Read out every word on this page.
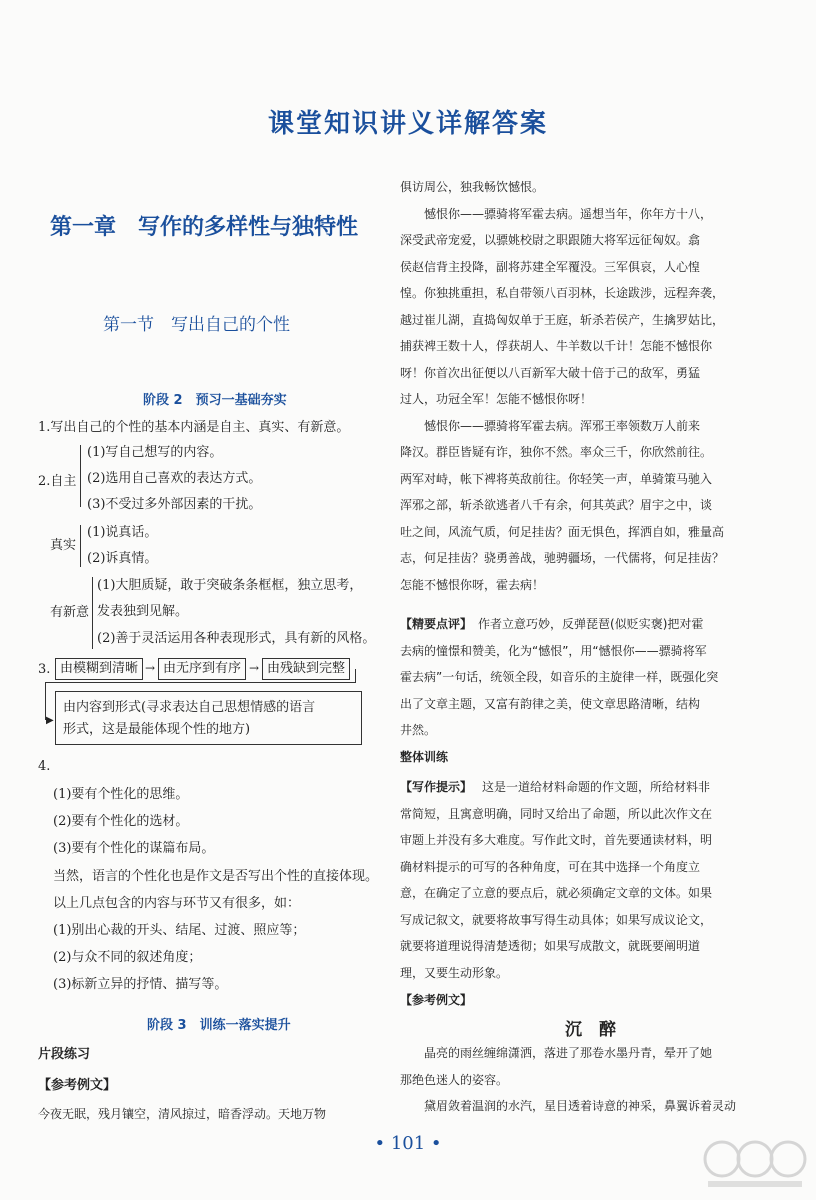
课堂知识讲义详解答案
第一章　写作的多样性与独特性
第一节　写出自己的个性
阶段 2　预习一基础夯实
1.写出自己的个性的基本内涵是自主、真实、有新意。
2.自主
(1)写自己想写的内容。
(2)选用自己喜欢的表达方式。
(3)不受过多外部因素的干扰。
真实
(1)说真话。
(2)诉真情。
有新意
(1)大胆质疑，敢于突破条条框框，独立思考，
发表独到见解。
(2)善于灵活运用各种表现形式，具有新的风格。
3. 由模糊到清晰	由无序到有序	由残缺到完整
→	→
▶
由内容到形式(寻求表达自己思想情感的语言
形式，这是最能体现个性的地方)
4.
(1)要有个性化的思维。
(2)要有个性化的选材。
(3)要有个性化的谋篇布局。
当然，语言的个性化也是作文是否写出个性的直接体现。
以上几点包含的内容与环节又有很多，如：
(1)别出心裁的开头、结尾、过渡、照应等；
(2)与众不同的叙述角度；
(3)标新立异的抒情、描写等。
阶段 3　训练一落实提升
片段练习
【参考例文】
今夜无眠，残月镶空，清风掠过，暗香浮动。天地万物
俱访周公，独我畅饮憾恨。
　　憾恨你——骠骑将军霍去病。遥想当年，你年方十八，
深受武帝宠爱，以骠姚校尉之职跟随大将军远征匈奴。翕
侯赵信背主投降，副将苏建全军覆没。三军俱哀，人心惶
惶。你独挑重担，私自带领八百羽林，长途跋涉，远程奔袭，
越过崔儿湖，直捣匈奴单于王庭，斩杀若侯产，生擒罗姑比，
捕获裨王数十人，俘获胡人、牛羊数以千计！怎能不憾恨你
呀！你首次出征便以八百新军大破十倍于己的敌军，勇猛
过人，功冠全军！怎能不憾恨你呀！
　　憾恨你——骠骑将军霍去病。浑邪王率领数万人前来
降汉。群臣皆疑有诈，独你不然。率众三千，你欣然前往。
两军对峙，帐下裨将英敌前往。你轻笑一声，单骑策马驰入
浑邪之部，斩杀欲逃者八千有余，何其英武？眉宇之中，谈
吐之间，风流气质，何足挂齿？面无惧色，挥洒自如，雅量高
志，何足挂齿？骁勇善战，驰骋疆场，一代儒将，何足挂齿？
怎能不憾恨你呀，霍去病！
【精要点评】 作者立意巧妙，反弹琵琶(似贬实褒)把对霍
去病的憧憬和赞美，化为“憾恨”，用“憾恨你——骠骑将军
霍去病”一句话，统领全段，如音乐的主旋律一样，既强化突
出了文章主题，又富有韵律之美，使文章思路清晰，结构
井然。
整体训练
【写作提示】 这是一道给材料命题的作文题，所给材料非
常简短，且寓意明确，同时又给出了命题，所以此次作文在
审题上并没有多大难度。写作此文时，首先要通读材料，明
确材料提示的可写的各种角度，可在其中选择一个角度立
意，在确定了立意的要点后，就必须确定文章的文体。如果
写成记叙文，就要将故事写得生动具体；如果写成议论文，
就要将道理说得清楚透彻；如果写成散文，就既要阐明道
理，又要生动形象。
【参考例文】
沉　醉
　　晶亮的雨丝缠绵潇洒，落进了那卷水墨丹青，晕开了她
那绝色迷人的姿容。
　　黛眉敛着温润的水汽，星目透着诗意的神采，鼻翼诉着灵动
• 101 •
